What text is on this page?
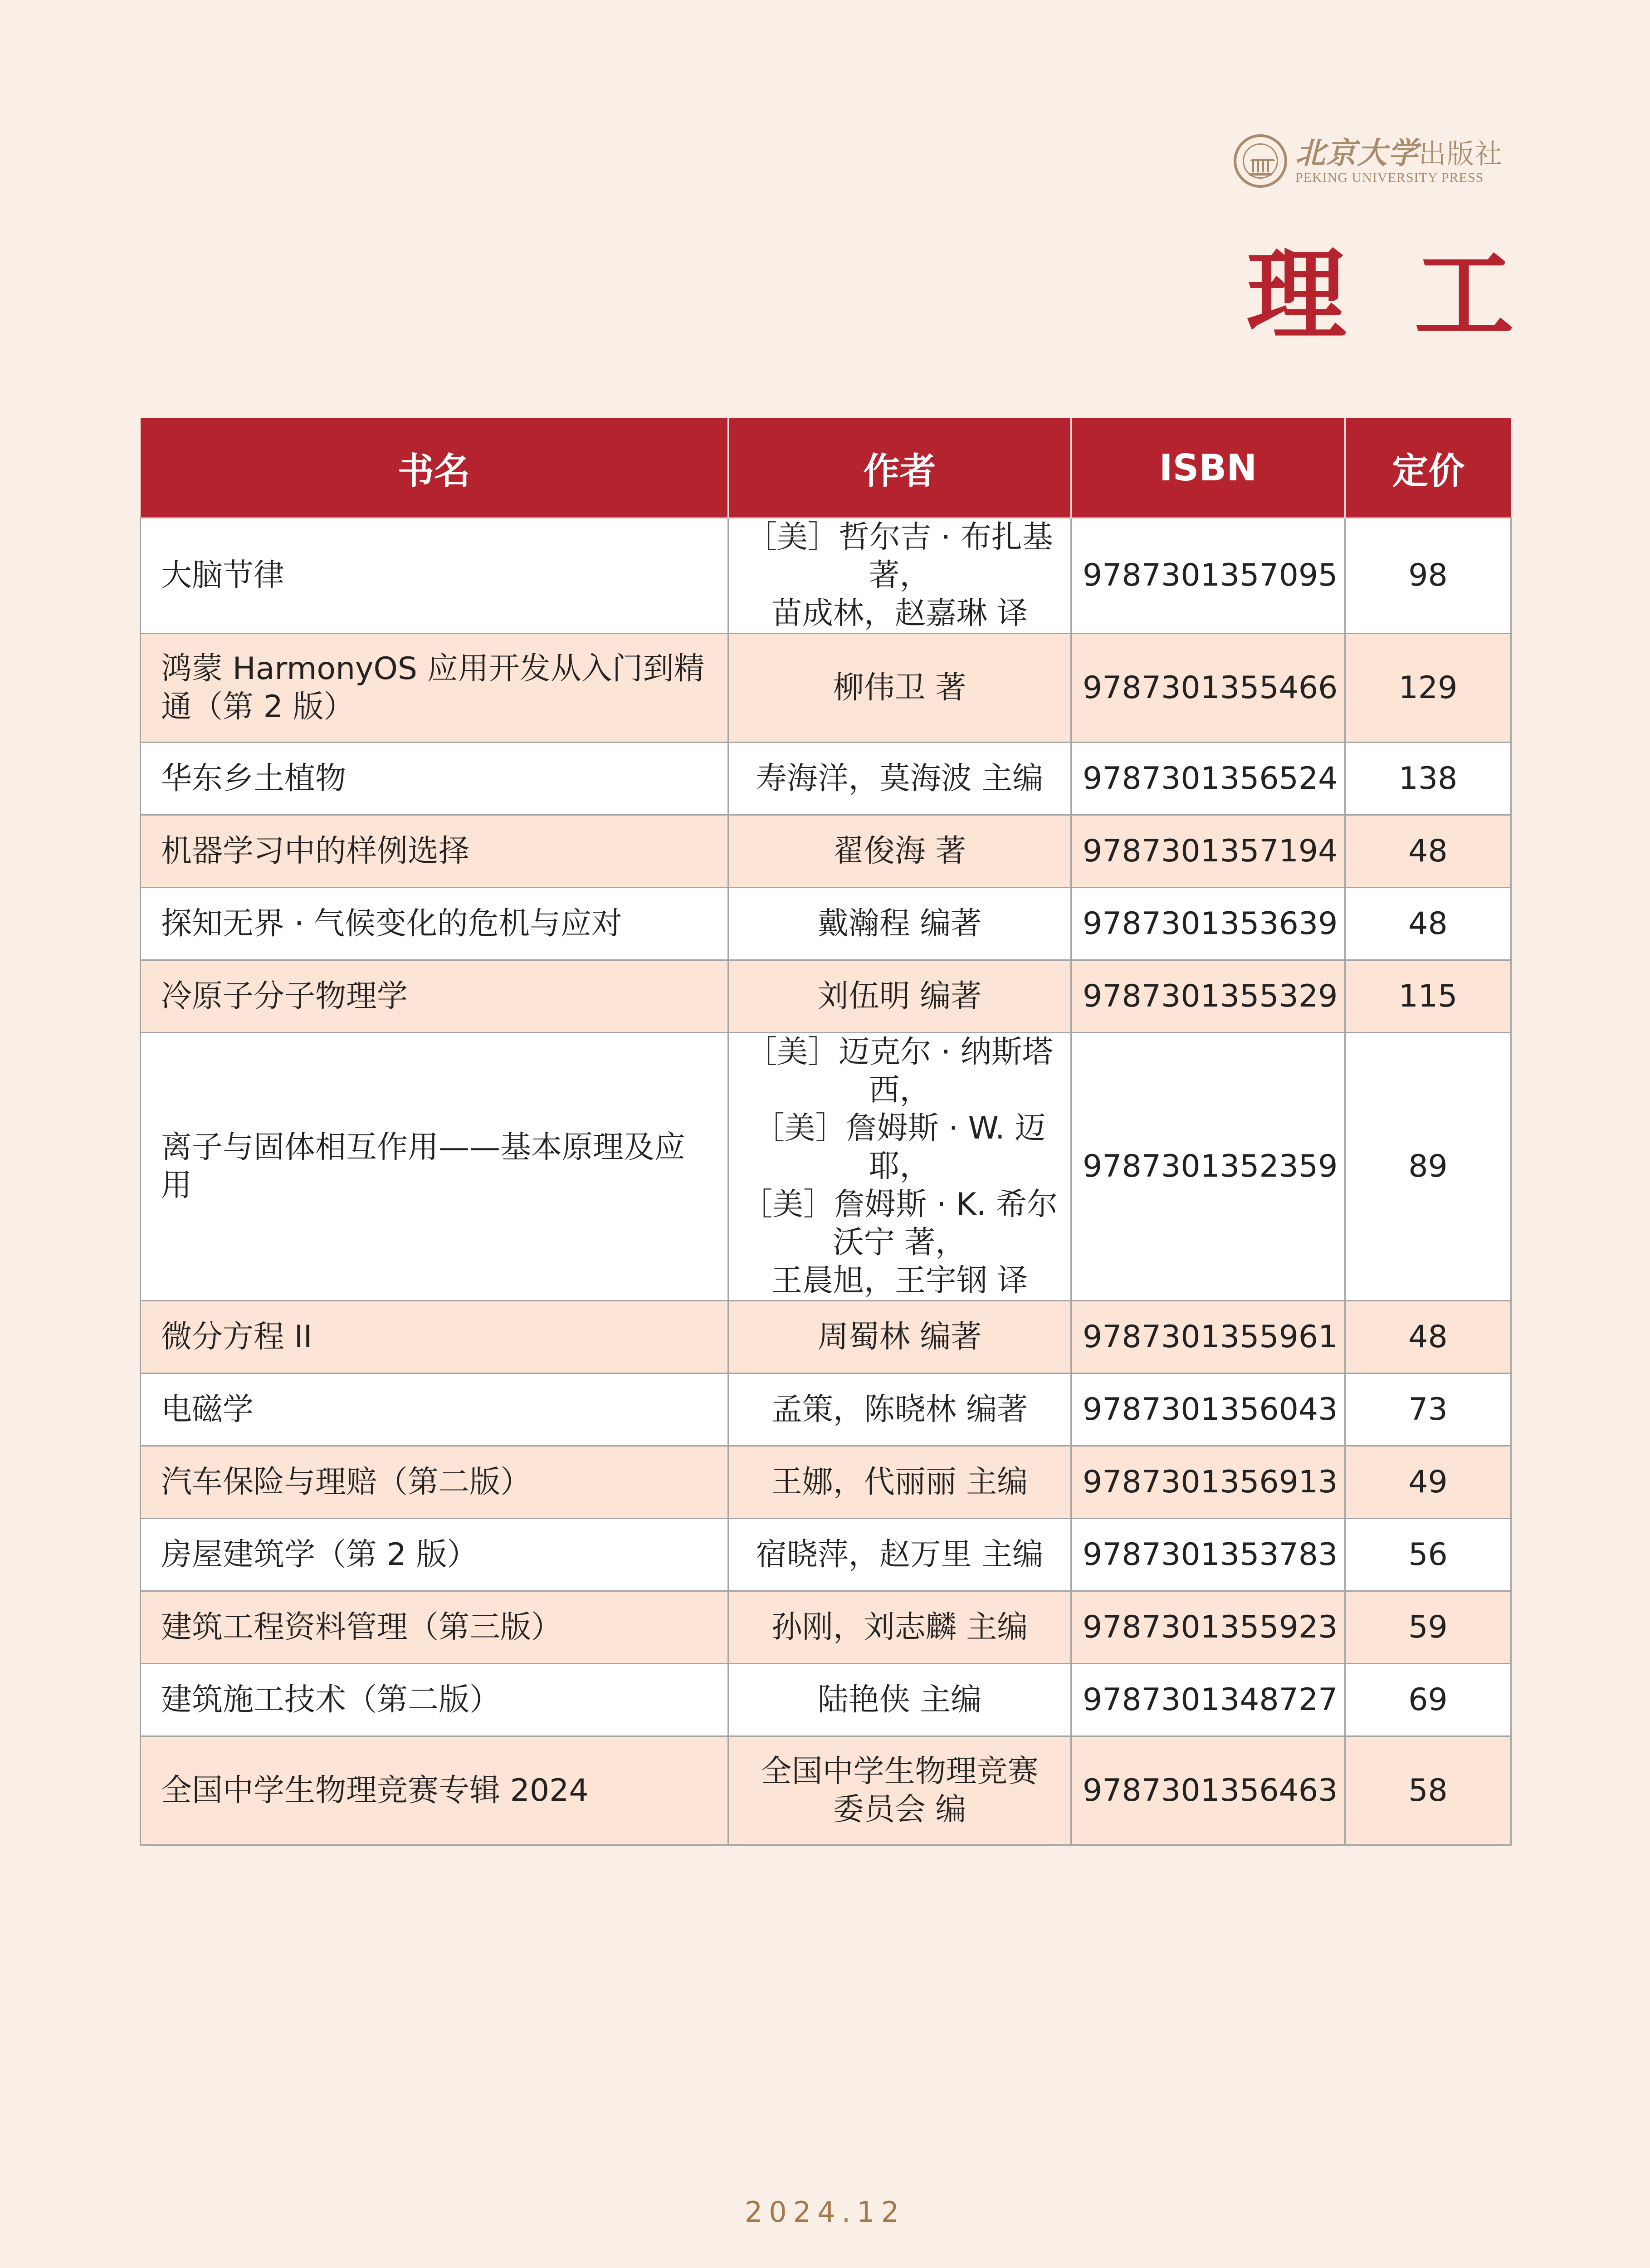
北京大学出版社
PEKING UNIVERSITY PRESS
理工
书名	作者	ISBN	定价
大脑节律	［美］哲尔吉 · 布扎基 著，
苗成林，赵嘉琳 译	9787301357095	98
鸿蒙 HarmonyOS 应用开发从入门到精通（第 2 版）	柳伟卫 著	9787301355466	129
华东乡土植物	寿海洋，莫海波 主编	9787301356524	138
机器学习中的样例选择	翟俊海 著	9787301357194	48
探知无界 · 气候变化的危机与应对	戴瀚程 编著	9787301353639	48
冷原子分子物理学	刘伍明 编著	9787301355329	115
离子与固体相互作用——基本原理及应用	［美］迈克尔 · 纳斯塔西，
［美］詹姆斯 · W. 迈耶，
［美］詹姆斯 · K. 希尔
沃宁 著，
王晨旭，王宇钢 译	9787301352359	89
微分方程 II	周蜀林 编著	9787301355961	48
电磁学	孟策，陈晓林 编著	9787301356043	73
汽车保险与理赔（第二版）	王娜，代丽丽 主编	9787301356913	49
房屋建筑学（第 2 版）	宿晓萍，赵万里 主编	9787301353783	56
建筑工程资料管理（第三版）	孙刚，刘志麟 主编	9787301355923	59
建筑施工技术（第二版）	陆艳侠 主编	9787301348727	69
全国中学生物理竞赛专辑 2024	全国中学生物理竞赛
委员会 编	9787301356463	58
2024.12
